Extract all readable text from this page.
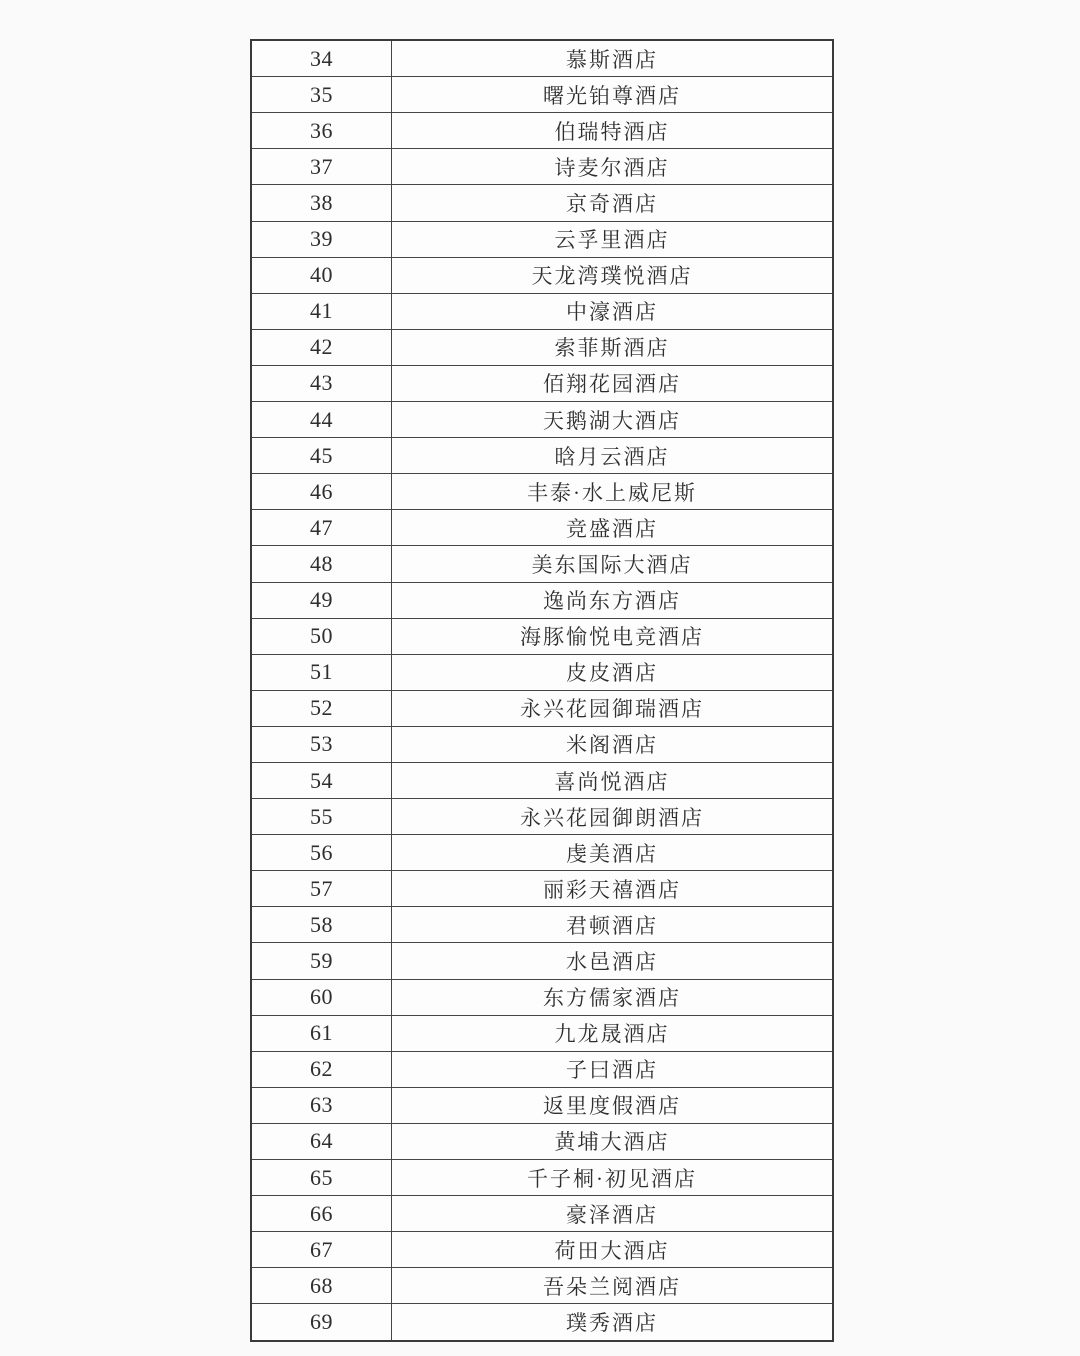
34	慕斯酒店
35	曙光铂尊酒店
36	伯瑞特酒店
37	诗麦尔酒店
38	京奇酒店
39	云孚里酒店
40	天龙湾璞悦酒店
41	中濠酒店
42	索菲斯酒店
43	佰翔花园酒店
44	天鹅湖大酒店
45	晗月云酒店
46	丰泰·水上威尼斯
47	竞盛酒店
48	美东国际大酒店
49	逸尚东方酒店
50	海豚愉悦电竞酒店
51	皮皮酒店
52	永兴花园御瑞酒店
53	米阁酒店
54	喜尚悦酒店
55	永兴花园御朗酒店
56	虔美酒店
57	丽彩天禧酒店
58	君顿酒店
59	水邑酒店
60	东方儒家酒店
61	九龙晟酒店
62	子曰酒店
63	返里度假酒店
64	黄埔大酒店
65	千子桐·初见酒店
66	豪泽酒店
67	荷田大酒店
68	吾朵兰阅酒店
69	璞秀酒店
